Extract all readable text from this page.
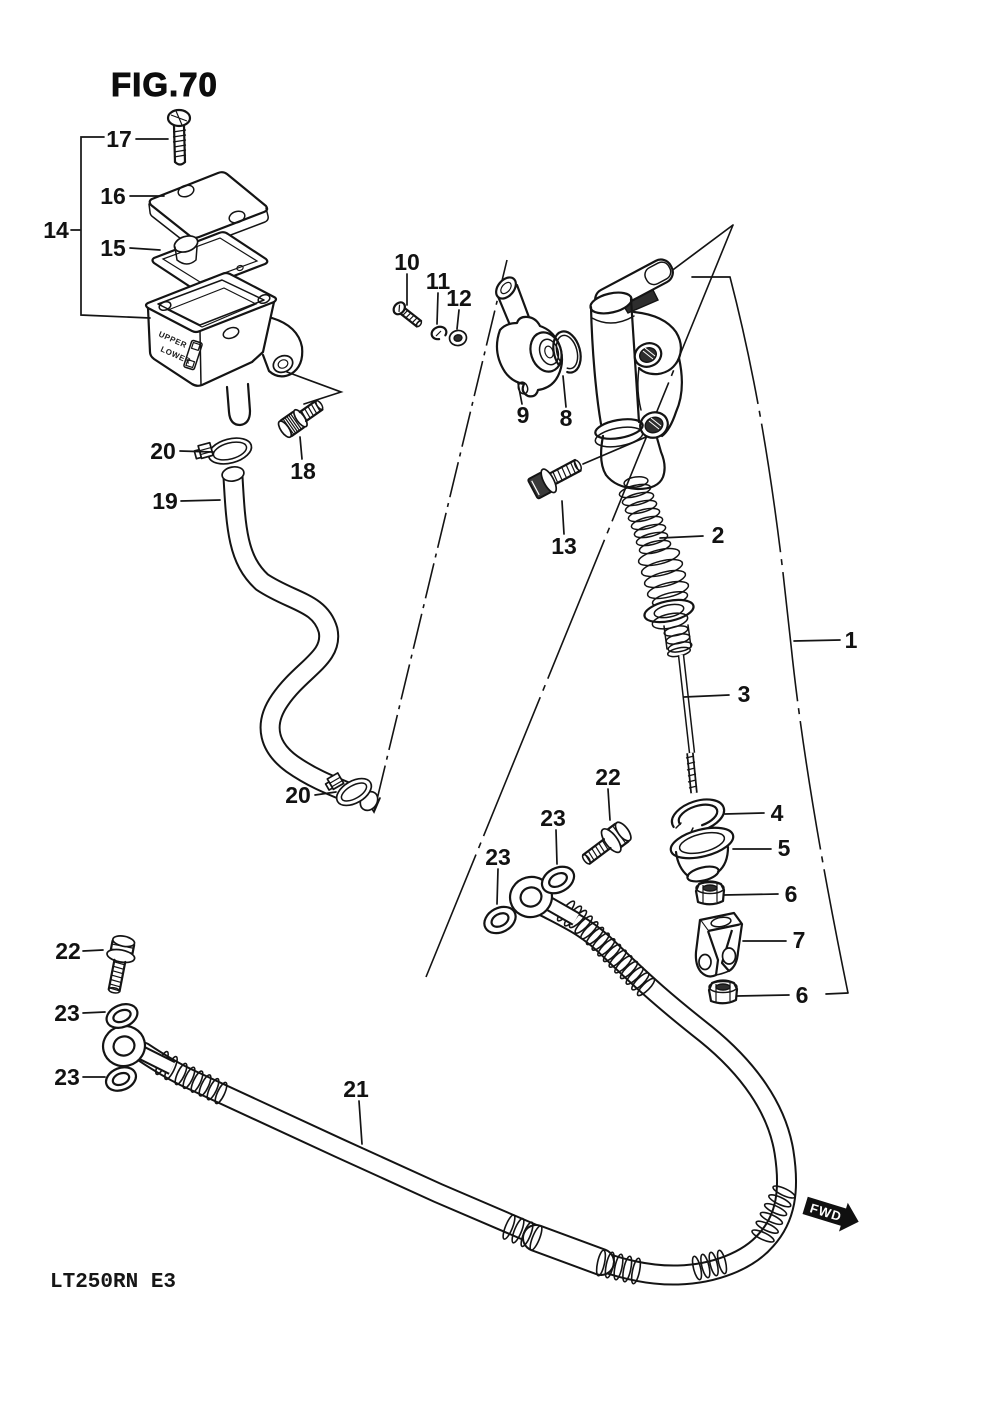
FIG.70
UPPER
LOWER
1
2
3
4
5
6
7
6
8
9
10
11
12
13
14
15
16
17
18
19
20
20
21
22
22
23
23
23
23
FWD
LT250RN E3
